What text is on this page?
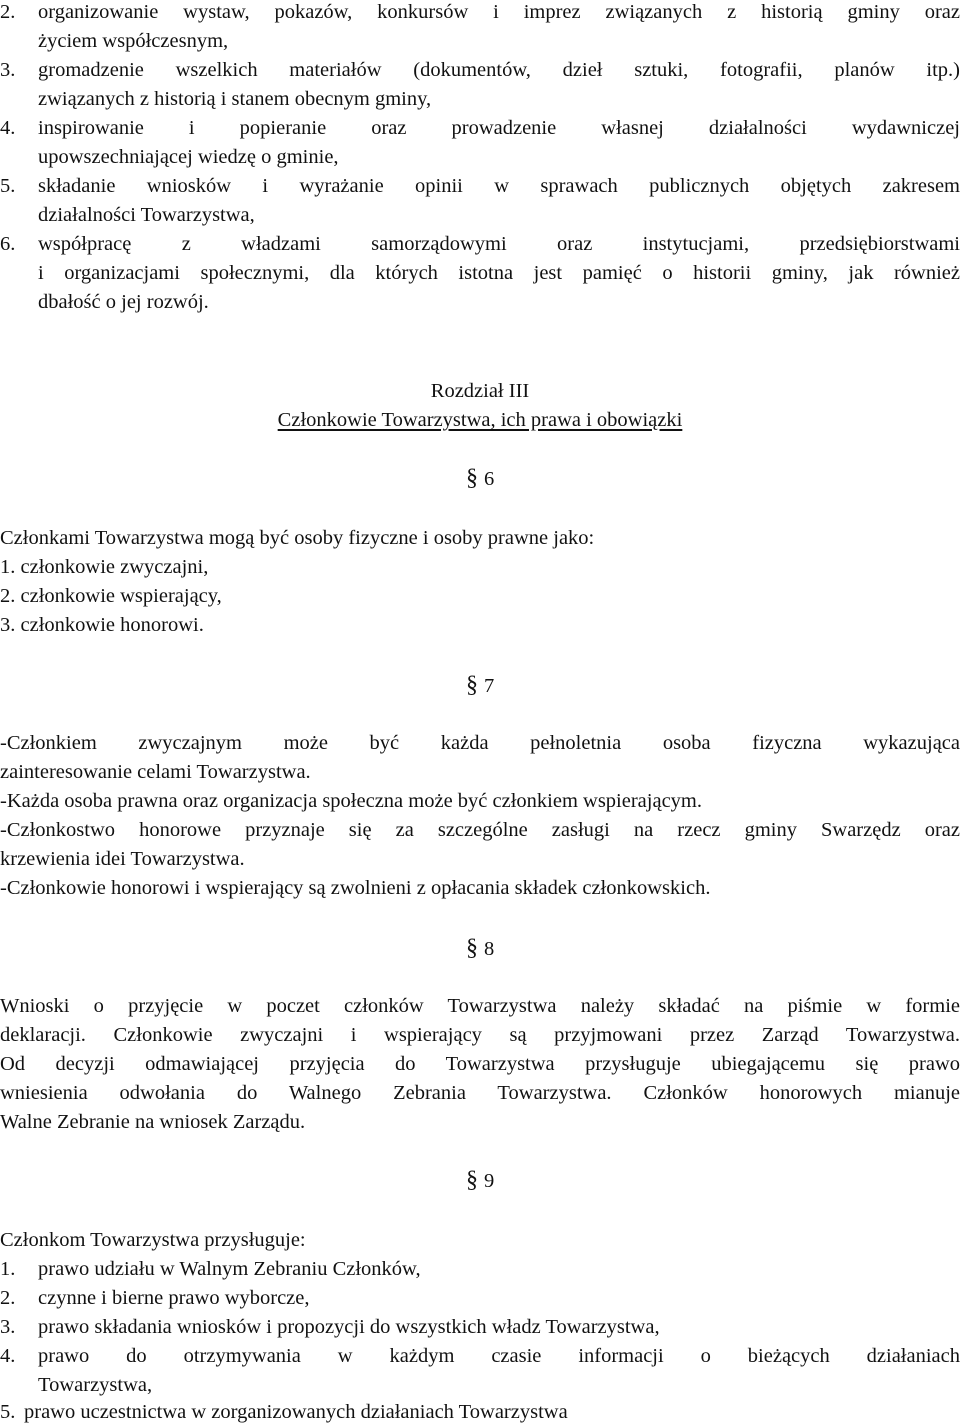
2. organizowanie wystaw, pokazów, konkursów i imprez związanych z historią gminy oraz
życiem współczesnym,
3. gromadzenie wszelkich materiałów (dokumentów, dzieł sztuki, fotografii, planów itp.)
związanych z historią i stanem obecnym gminy,
4. inspirowanie i popieranie oraz prowadzenie własnej działalności wydawniczej
upowszechniającej wiedzę o gminie,
5. składanie wniosków i wyrażanie opinii w sprawach publicznych objętych zakresem
działalności Towarzystwa,
6. współpracę z władzami samorządowymi oraz instytucjami, przedsiębiorstwami
i organizacjami społecznymi, dla których istotna jest pamięć o historii gminy, jak również
dbałość o jej rozwój.
Rozdział III
Członkowie Towarzystwa, ich prawa i obowiązki
§ 6
Członkami Towarzystwa mogą być osoby fizyczne i osoby prawne jako:
1. członkowie zwyczajni,
2. członkowie wspierający,
3. członkowie honorowi.
§ 7
-Członkiem zwyczajnym może być każda pełnoletnia osoba fizyczna wykazująca
zainteresowanie celami Towarzystwa.
-Każda osoba prawna oraz organizacja społeczna może być członkiem wspierającym.
-Członkostwo honorowe przyznaje się za szczególne zasługi na rzecz gminy Swarzędz oraz
krzewienia idei Towarzystwa.
-Członkowie honorowi i wspierający są zwolnieni z opłacania składek członkowskich.
§ 8
Wnioski o przyjęcie w poczet członków Towarzystwa należy składać na piśmie w formie
deklaracji. Członkowie zwyczajni i wspierający są przyjmowani przez Zarząd Towarzystwa.
Od decyzji odmawiającej przyjęcia do Towarzystwa przysługuje ubiegającemu się prawo
wniesienia odwołania do Walnego Zebrania Towarzystwa. Członków honorowych mianuje
Walne Zebranie na wniosek Zarządu.
§ 9
Członkom Towarzystwa przysługuje:
1. prawo udziału w Walnym Zebraniu Członków,
2. czynne i bierne prawo wyborcze,
3. prawo składania wniosków i propozycji do wszystkich władz Towarzystwa,
4. prawo do otrzymywania w każdym czasie informacji o bieżących działaniach
Towarzystwa,
5. prawo uczestnictwa w zorganizowanych działaniach Towarzystwa
